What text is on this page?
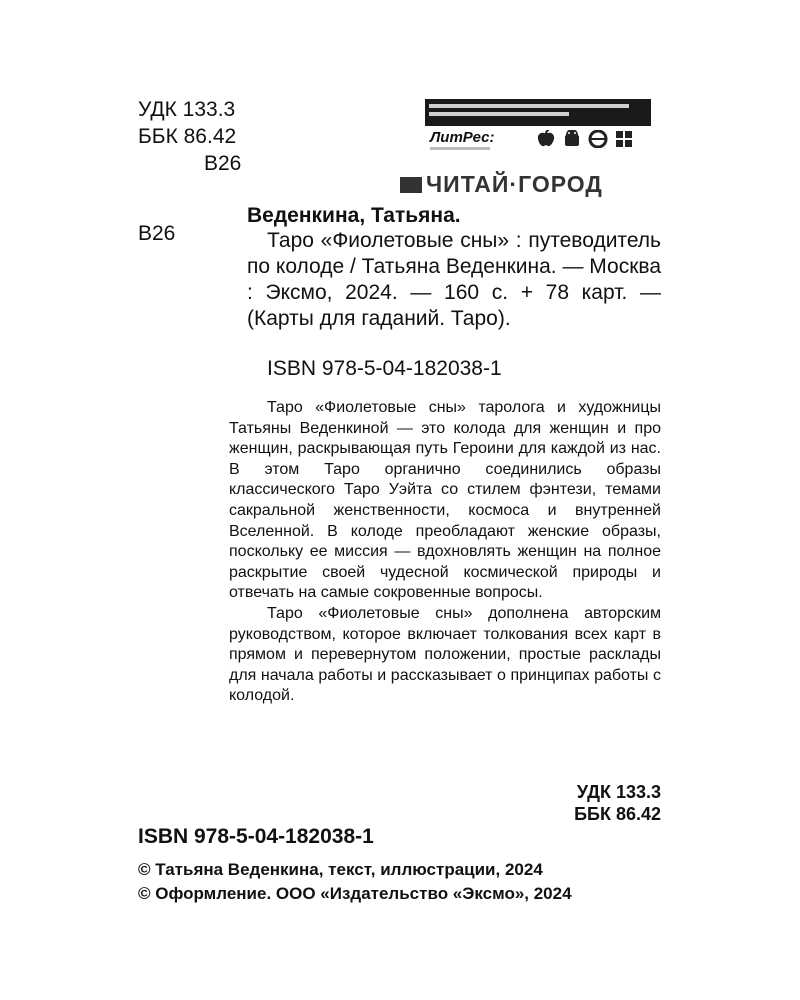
УДК 133.3
ББК 86.42
В26
ЛитРес:
ЧИТАЙ·ГОРОД
В26
Веденкина, Татьяна.

Таро «Фиолетовые сны» : путеводитель по колоде / Татьяна Веденкина. — Москва : Эксмо, 2024. — 160 с. + 78 карт. — (Карты для гаданий. Таро).

ISBN 978-5-04-182038-1

Таро «Фиолетовые сны» таролога и художницы Татьяны Веденкиной — это колода для женщин и про женщин, раскрывающая путь Героини для каждой из нас. В этом Таро органично соединились образы классического Таро Уэйта со стилем фэнтези, темами сакральной женственности, космоса и внутренней Вселенной. В колоде преобладают женские образы, поскольку ее миссия — вдохновлять женщин на полное раскрытие своей чудесной космической природы и отвечать на самые сокровенные вопросы.

Таро «Фиолетовые сны» дополнена авторским руководством, которое включает толкования всех карт в прямом и перевернутом положении, простые расклады для начала работы и рассказывает о принципах работы с колодой.

УДК 133.3
ББК 86.42
ISBN 978-5-04-182038-1
© Татьяна Веденкина, текст, иллюстрации, 2024
© Оформление. ООО «Издательство «Эксмо», 2024
